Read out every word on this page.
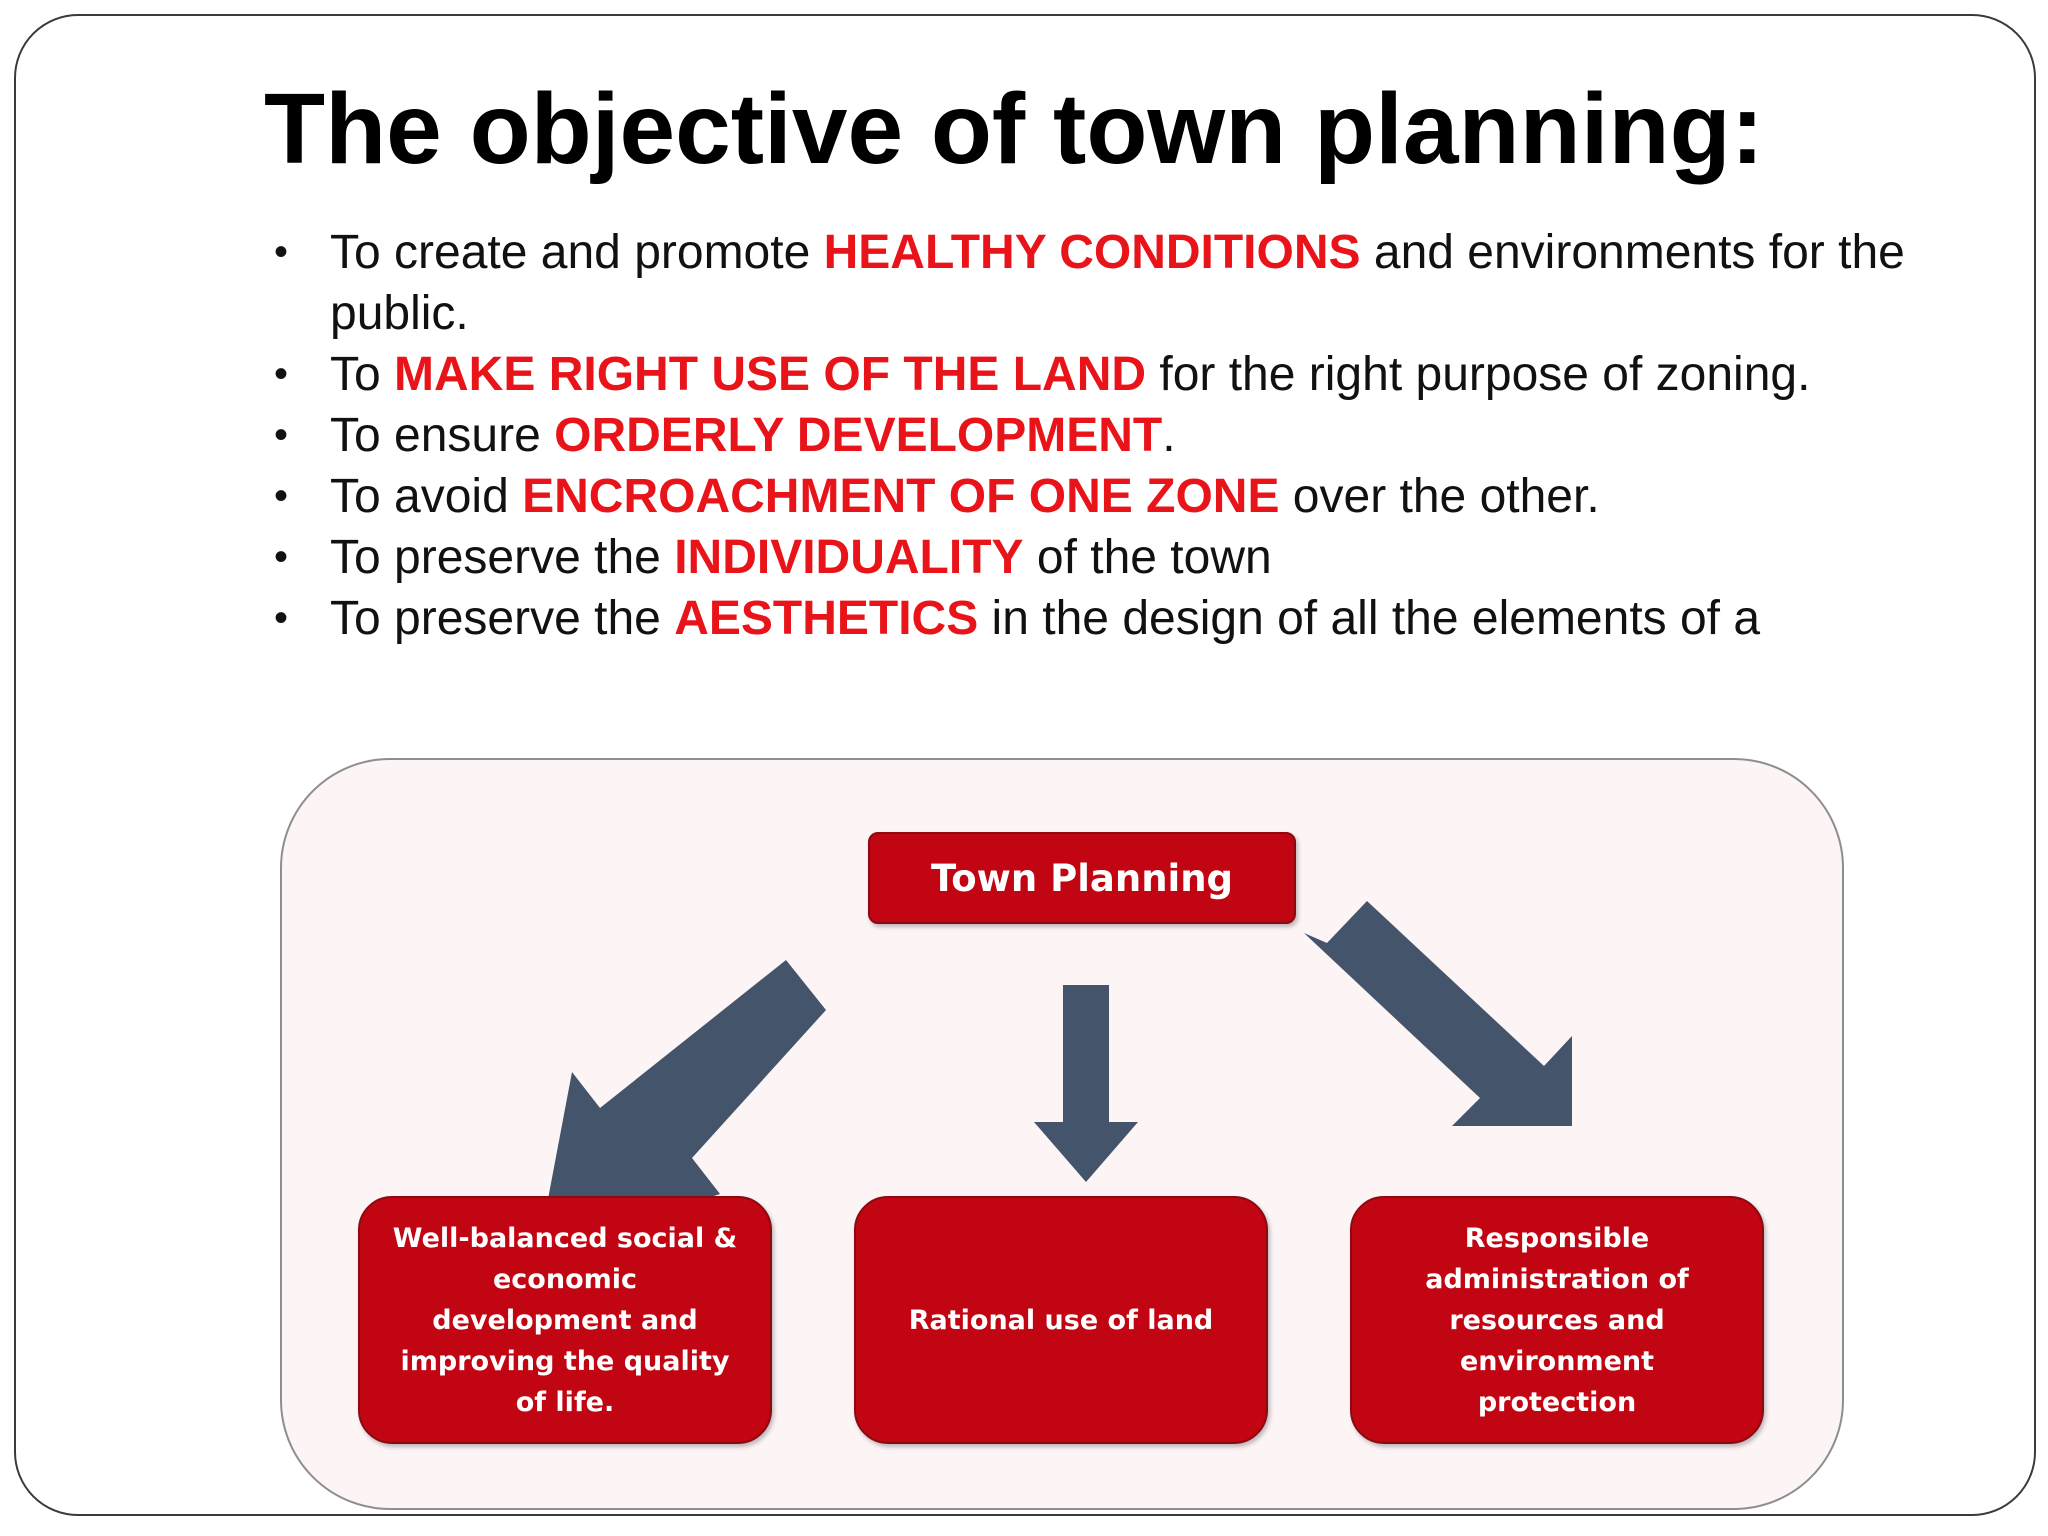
The objective of town planning:
• To create and promote HEALTHY CONDITIONS and environments for the public.
• To MAKE RIGHT USE OF THE LAND for the right purpose of zoning.
• To ensure ORDERLY DEVELOPMENT.
• To avoid ENCROACHMENT OF ONE ZONE over the other.
• To preserve the INDIVIDUALITY of the town
• To preserve the AESTHETICS in the design of all the elements of a
Town Planning
Well-balanced social & economic development and improving the quality of life.
Rational use of land
Responsible administration of resources and environment protection
